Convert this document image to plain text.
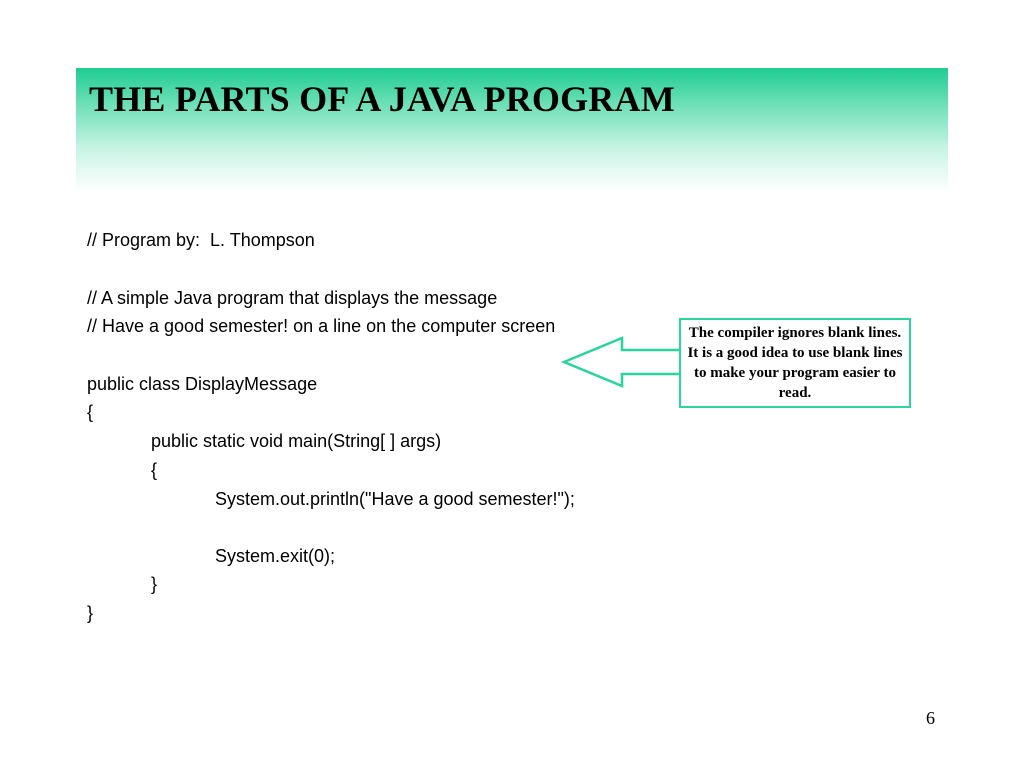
THE PARTS OF A JAVA PROGRAM
// Program by:  L. Thompson
// A simple Java program that displays the message
// Have a good semester! on a line on the computer screen
public class DisplayMessage
{
public static void main(String[ ] args)
{
System.out.println("Have a good semester!");
System.exit(0);
}
}
The compiler ignores blank lines. It is a good idea to use blank lines to make your program easier to read.
6
